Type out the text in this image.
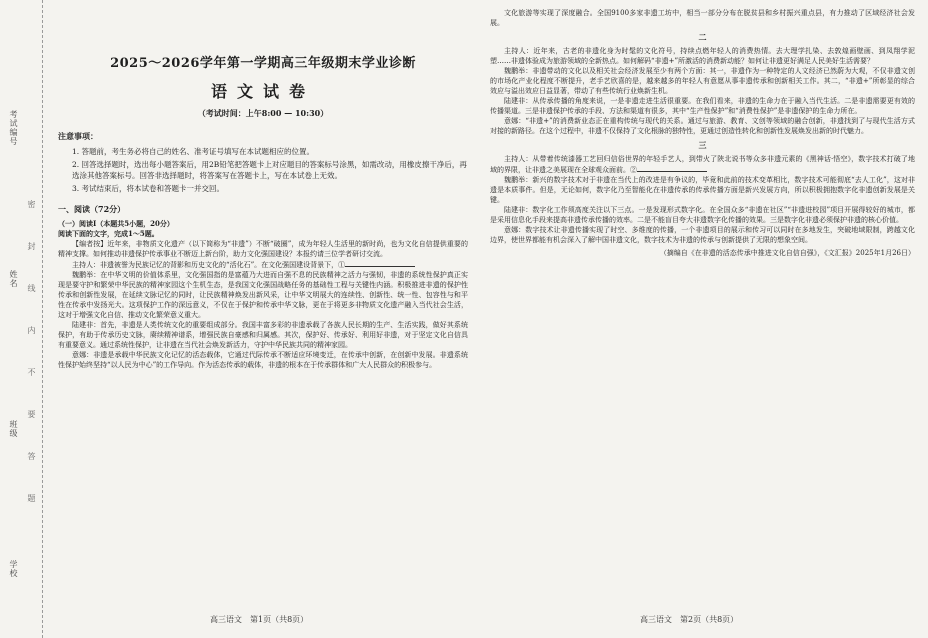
考试编号
姓名
班级
学校
密封线内不要答题
2025～2026学年第一学期高三年级期末学业诊断
语文试卷
（考试时间：上午8:00 — 10:30）
注意事项：

1. 答题前，考生务必将自己的姓名、准考证号填写在本试题相应的位置。

2. 回答选择题时，选出每小题答案后，用2B铅笔把答题卡上对应题目的答案标号涂黑，如需改动，用橡皮擦干净后，再选涂其他答案标号。回答非选择题时，将答案写在答题卡上，写在本试卷上无效。

3. 考试结束后，将本试卷和答题卡一并交回。

一、阅读（72分）

（一）阅读Ⅰ（本题共5小题，20分）

阅读下面的文字，完成1～5题。

【编者按】近年来，非物质文化遗产（以下简称为“非遗”）不断“破圈”，成为年轻人生活里的新时尚，也为文化自信提供重要的精神支撑。如何推动非遗保护传承事业不断迈上新台阶，助力文化强国建设？本报约请三位学者研讨交流。

主持人：非遗被誉为民族记忆的背影和历史文化的“活化石”。在文化强国建设背景下，①

魏鹏举：在中华文明的价值体系里，文化强国指的是富蕴乃大进而自强不息的民族精神之活力与强韧，非遗的系统性保护真正实现是要守护和繁荣中华民族的精神家园这个生机生态，是我国文化强国战略任务的基础性工程与关键性内涵。积极推进非遗的保护性传承和创新性发展，在延续文脉记忆的同时，让民族精神焕发出新风采，让中华文明展大的连续性、创新性、统一性、包容性与和平性在传承中发扬光大。这项保护工作的深远意义，不仅在于保护和传承中华文脉，更在于将更多非物质文化遗产融入当代社会生活，这对于增强文化自信、推动文化繁荣意义重大。

陆建非：首先，非遗是人类传统文化的重要组成部分。我国丰富多彩的非遗承载了各族人民长期的生产、生活实践，做好其系统保护，有助于传承历史文脉，赓续精神谱系，增强民族自豪感和归属感。其次，保护好、传承好、利用好非遗，对于坚定文化自信具有重要意义。通过系统性保护，让非遗在当代社会焕发新活力，守护中华民族共同的精神家园。

意娜：非遗是承载中华民族文化记忆的活态载体，它通过代际传承不断适应环境变迁，在传承中创新，在创新中发展。非遗系统性保护始终坚持“以人民为中心”的工作导向。作为活态传承的载体，非遗的根本在于传承群体和广大人民群众的积极参与。

文化旅游等实现了深度融合。全国9100多家非遗工坊中，相当一部分分布在脱贫县和乡村振兴重点县，有力推动了区域经济社会发展。

二

主持人：近年来，古老的非遗化身为时髦的文化符号，持续点燃年轻人的消费热情。去大理学扎染、去敦煌画壁画、到凤翔学泥塑……非遗体验成为旅游领域的全新热点。如何解码“非遗+”所激活的消费新动能？如何让非遗更好满足人民美好生活需要？

魏鹏举：非遗带动的文化以及相关社会经济发展至少有两个方面：其一，非遗作为一种特定的人文经济已然蔚为大观，不仅非遗文创的市场化产业化程度不断提升，老手艺欣喜的是，越来越多的年轻人有意愿从事非遗传承和创新相关工作。其二，“非遗+”所彰显的综合效应与溢出效应日益显著，带动了有些传统行业焕新生机。

陆建非：从传承传播的角度来说，一是非遗走进生活很重要。在我们看来，非遗的生命力在于融入当代生活。二是非遗需要更有效的传播渠道。三是非遗保护传承的手段、方法和渠道有很多，其中“生产性保护”和“消费性保护”是非遗保护的生命力所在。

意娜：“非遗+”的消费新业态正在重构传统与现代的关系。通过与旅游、教育、文创等领域的融合创新，非遗找到了与现代生活方式对接的新路径。在这个过程中，非遗不仅保持了文化根脉的独特性，更通过创造性转化和创新性发展焕发出新的时代魅力。

三

主持人：从带着传统漆器工艺回归信俗世界的年轻手艺人，到带火了陕北说书等众多非遗元素的《黑神话·悟空》，数字技术打破了地域的界限，让非遗之美展现在全球观众面前。②

魏鹏举：新兴的数字技术对于非遗在当代上的改进是有争议的，毕竟和此前的技术变革相比，数字技术可能彻底“去人工化”，这对非遗是本质事件。但是，无论如何，数字化乃至智能化在非遗传承的传承传播方面是新兴发展方向，所以积极拥抱数字化非遗创新发展是关键。

陆建非：数字化工作须高度关注以下三点。一是发现形式数字化。在全国众多“非遗在社区”“非遗进校园”项目开展得较好的城市，都是采用信息化手段来提高非遗传承传播的效率。二是不能盲目夸大非遗数字化传播的效果。三是数字化非遗必须保护非遗的核心价值。

意娜：数字技术让非遗传播实现了时空、多维度的传播，一个非遗项目的展示和传习可以同时在多地发生，突破地域限制，跨越文化边界，使世界都能有机会深入了解中国非遗文化，数字技术为非遗的传承与创新提供了无限的想象空间。

（摘编自《在非遗的活态传承中推进文化自信自强》，《文汇报》2025年1月26日）
高三语文　第1页（共8页）	高三语文　第2页（共8页）
